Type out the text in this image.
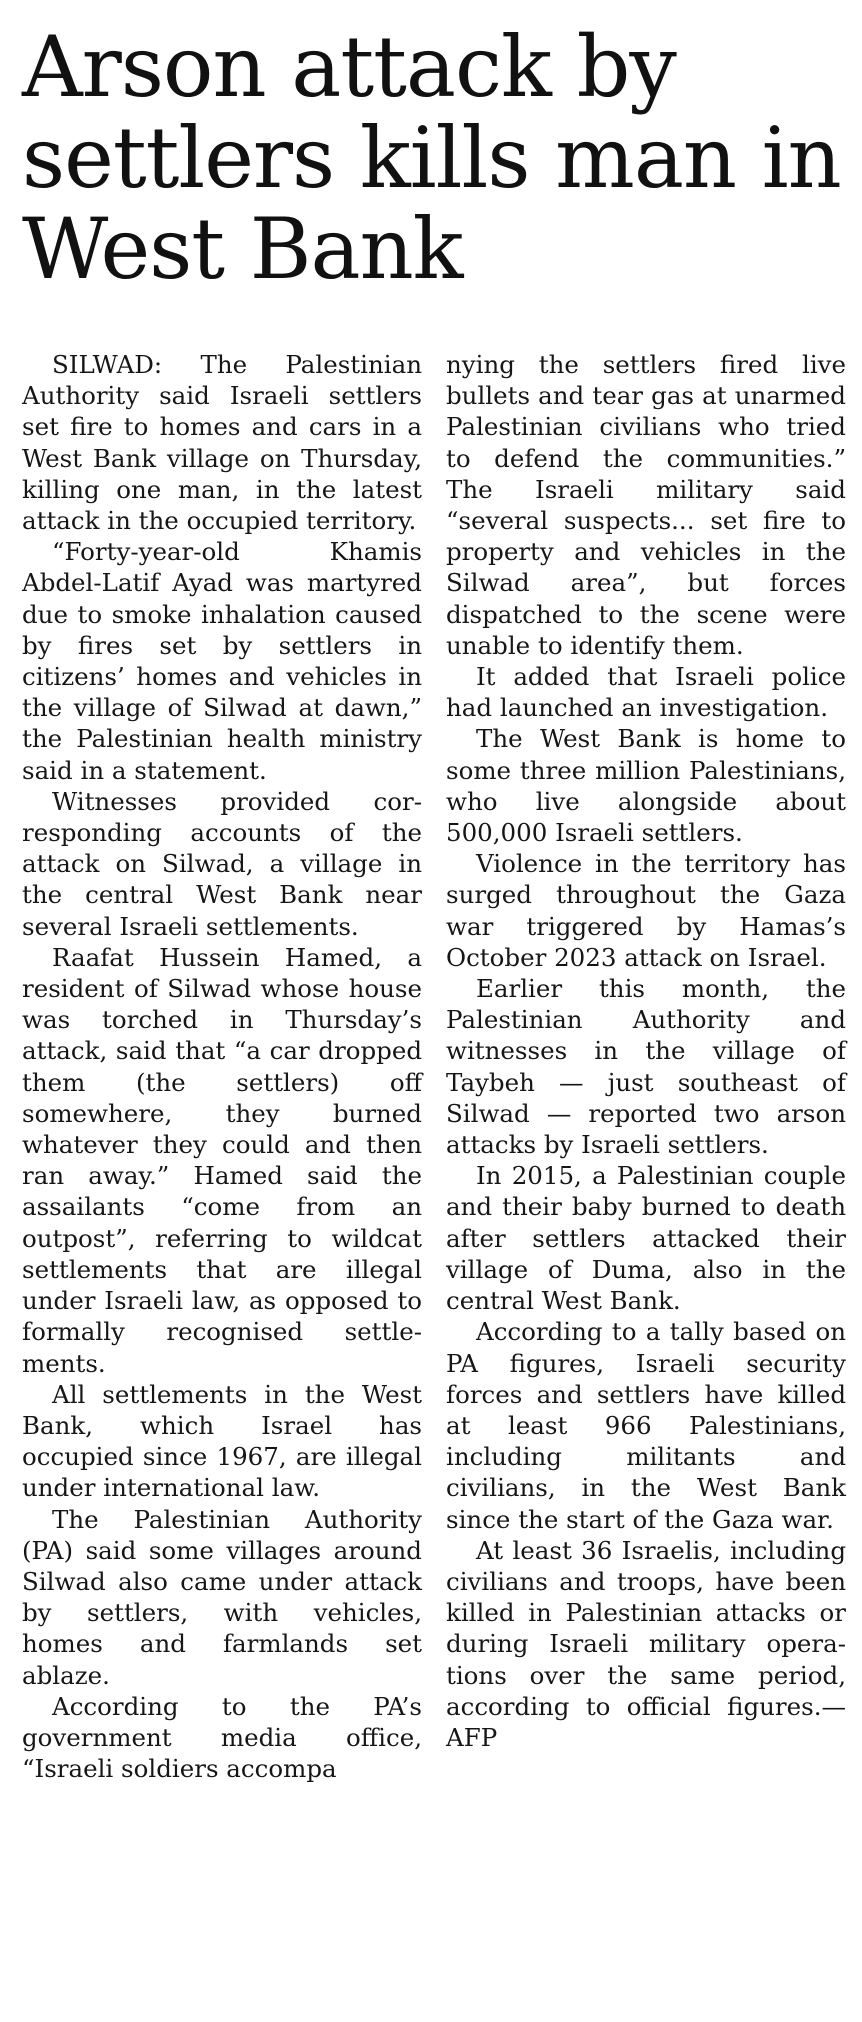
Arson attack by settlers kills man in West Bank

SILWAD: The Palestinian Authority said Israeli settlers set fire to homes and cars in a West Bank village on Thursday, killing one man, in the latest attack in the occupied territory.

“Forty-year-old Khamis Abdel-Latif Ayad was martyred due to smoke inhalation caused by fires set by settlers in citizens’ homes and vehicles in the village of Silwad at dawn,” the Palestinian health ministry said in a statement.

Witnesses provided corresponding accounts of the attack on Silwad, a village in the central West Bank near several Israeli settlements.

Raafat Hussein Hamed, a resident of Silwad whose house was torched in Thursday’s attack, said that “a car dropped them (the settlers) off somewhere, they burned whatever they could and then ran away.” Hamed said the assailants “come from an outpost”, referring to wildcat settlements that are illegal under Israeli law, as opposed to formally recognised settlements.

All settlements in the West Bank, which Israel has occupied since 1967, are illegal under international law.

The Palestinian Authority (PA) said some villages around Silwad also came under attack by settlers, with vehicles, homes and farmlands set ablaze.

According to the PA’s government media office, “Israeli soldiers accompa

nying the settlers fired live bullets and tear gas at unarmed Palestinian civilians who tried to defend the communities.” The Israeli military said “several suspects... set fire to property and vehicles in the Silwad area”, but forces dispatched to the scene were unable to identify them.

It added that Israeli police had launched an investigation.

The West Bank is home to some three million Palestinians, who live alongside about 500,000 Israeli settlers.

Violence in the territory has surged throughout the Gaza war triggered by Hamas’s October 2023 attack on Israel.

Earlier this month, the Palestinian Authority and witnesses in the village of Taybeh — just southeast of Silwad — reported two arson attacks by Israeli settlers.

In 2015, a Palestinian couple and their baby burned to death after settlers attacked their village of Duma, also in the central West Bank.

According to a tally based on PA figures, Israeli security forces and settlers have killed at least 966 Palestinians, including militants and civilians, in the West Bank since the start of the Gaza war.

At least 36 Israelis, including civilians and troops, have been killed in Palestinian attacks or during Israeli military operations over the same period, according to official figures.—AFP
